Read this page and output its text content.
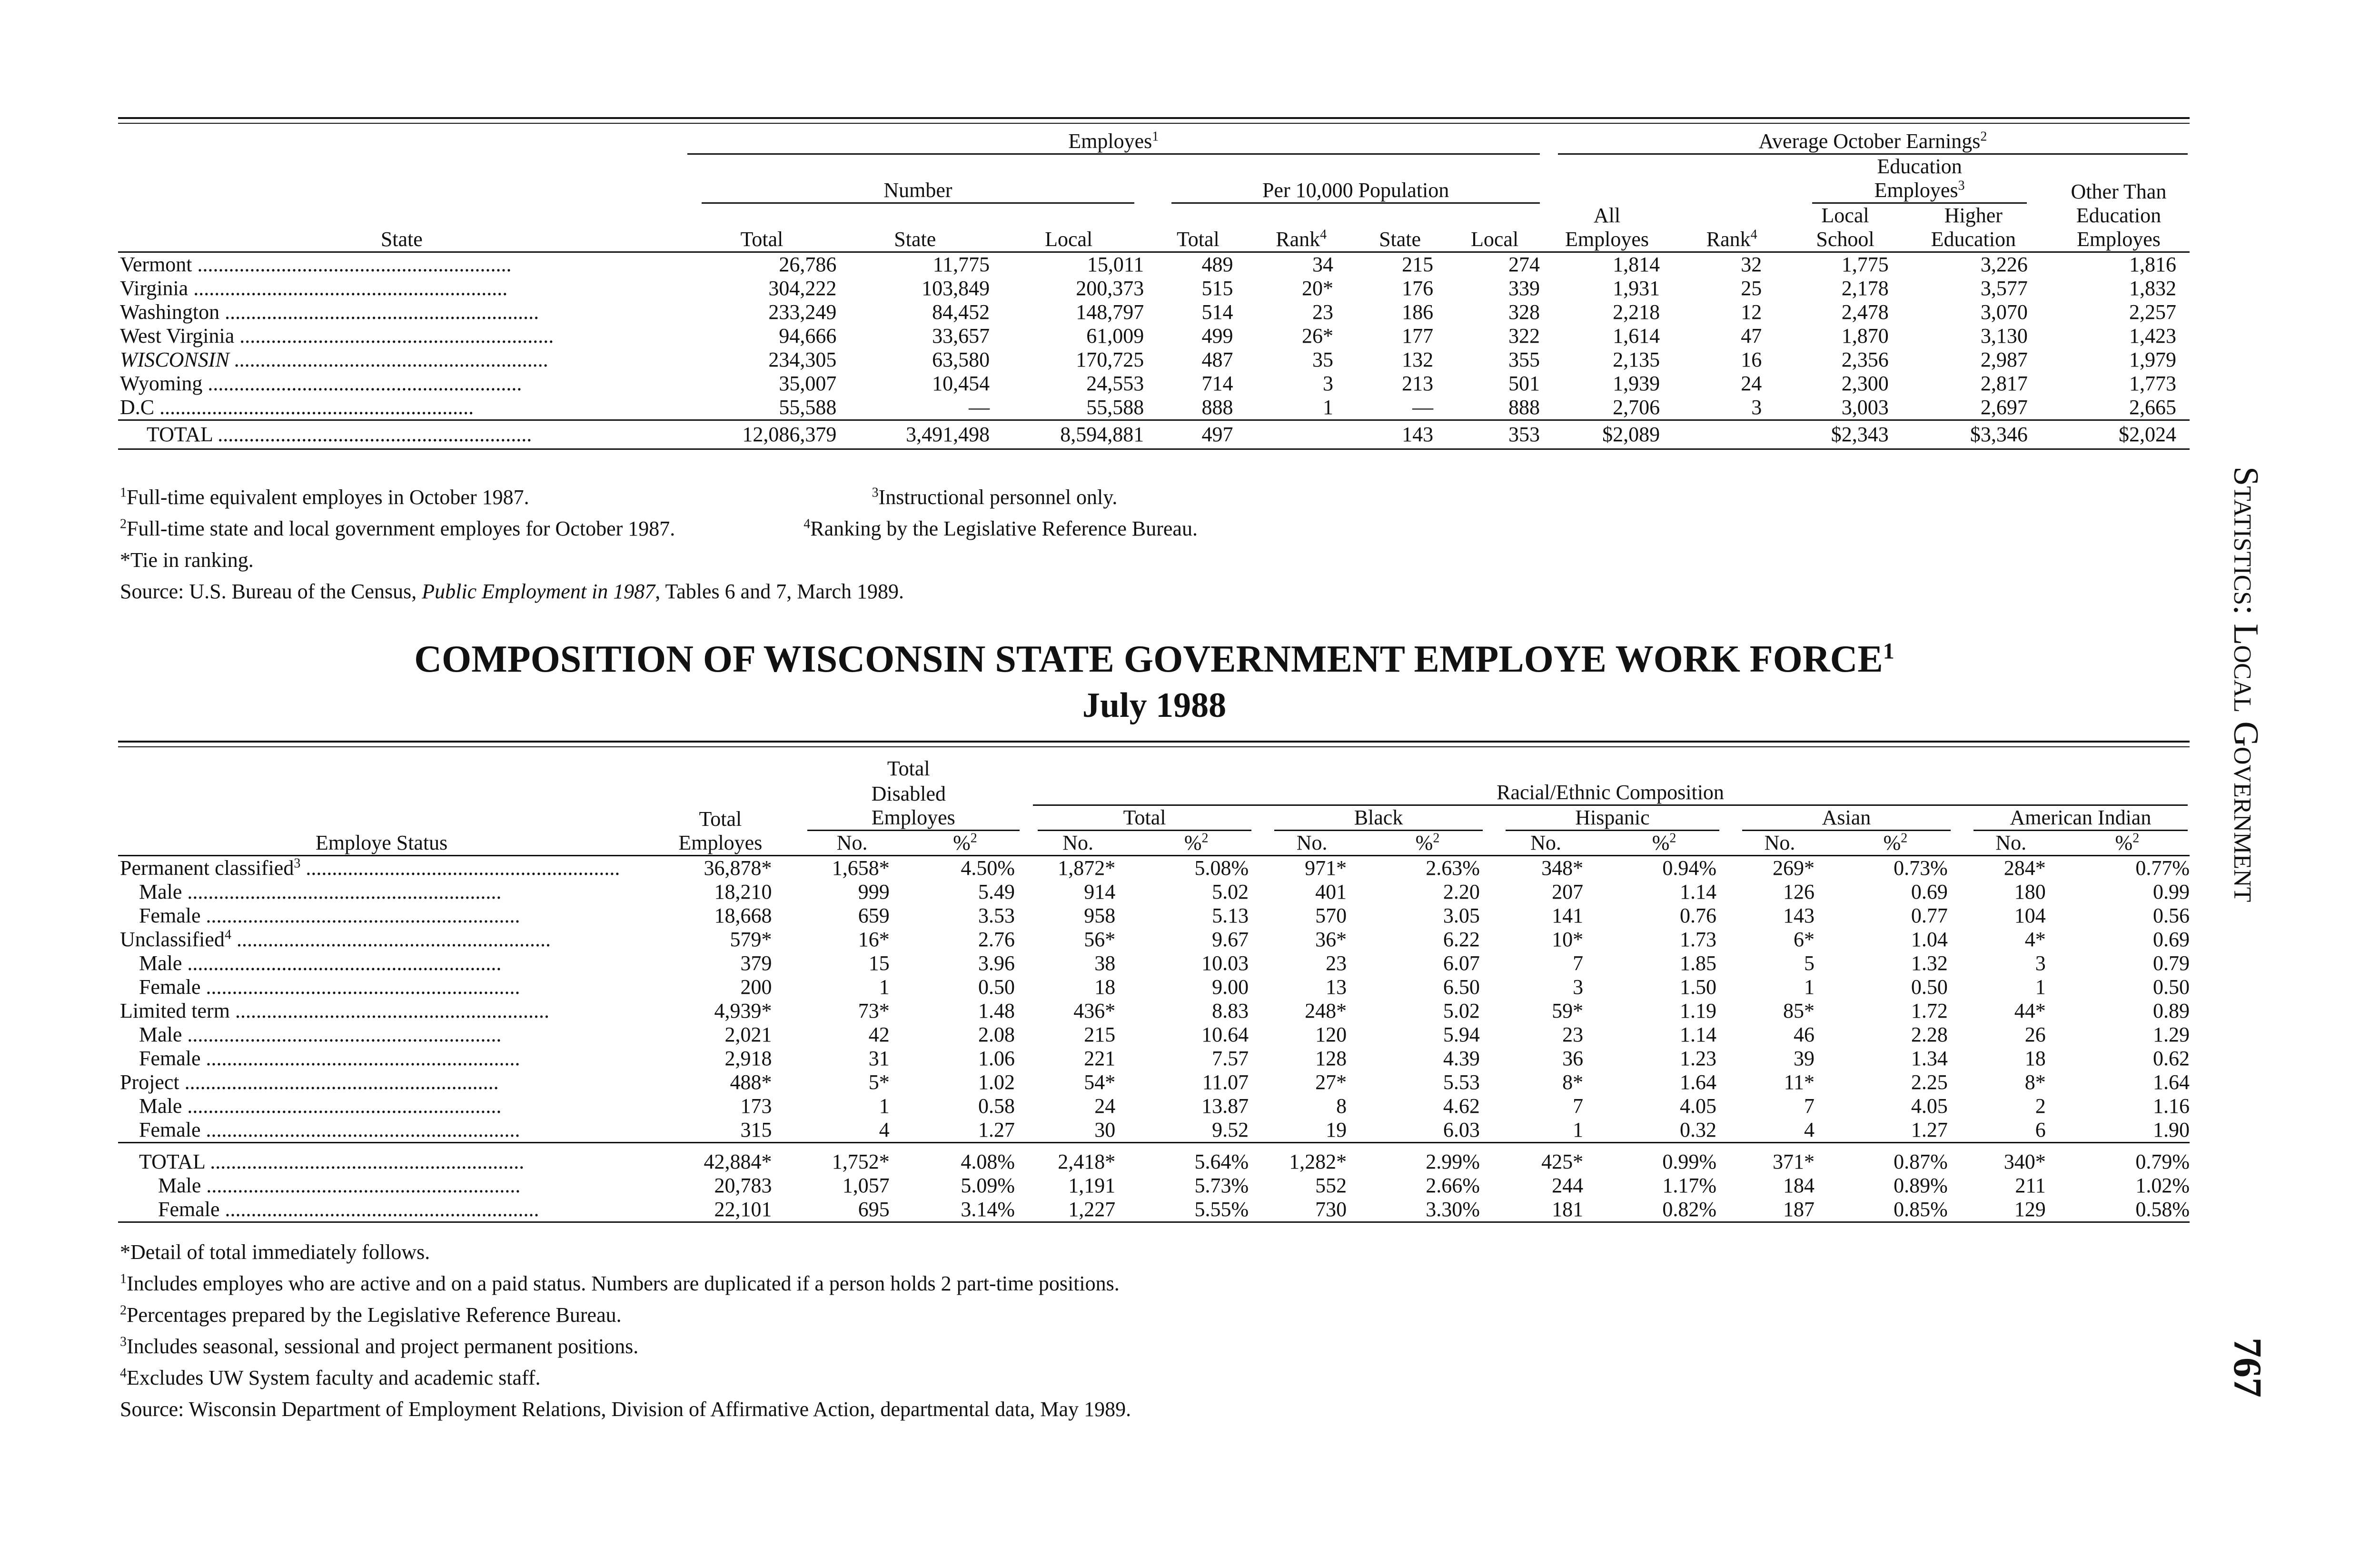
	Employes$^1$							Average October Earnings$^2$

										Education		

	Number			Per 10,000 Population						Employes$^3$		Other Than
								All		Local	Higher	Education
State	Total	State	Local	Total	Rank$^4$	State	Local	Employes	Rank$^4$	School	Education	Employes
Vermont ............................................................	26,786	11,775	15,011	489	34	215	274	1,814	32	1,775	3,226	1,816
Virginia ............................................................	304,222	103,849	200,373	515	20*	176	339	1,931	25	2,178	3,577	1,832
Washington ............................................................	233,249	84,452	148,797	514	23	186	328	2,218	12	2,478	3,070	2,257
West Virginia ............................................................	94,666	33,657	61,009	499	26*	177	322	1,614	47	1,870	3,130	1,423
WISCONSIN ............................................................	234,305	63,580	170,725	487	35	132	355	2,135	16	2,356	2,987	1,979
Wyoming ............................................................	35,007	10,454	24,553	714	3	213	501	1,939	24	2,300	2,817	1,773
D.C ............................................................	55,588	—	55,588	888	1	—	888	2,706	3	3,003	2,697	2,665
TOTAL ............................................................	12,086,379	3,491,498	8,594,881	497		143	353	$2,089		$2,343	$3,346	$2,024
$^1$Full-time equivalent employes in October 1987.	$^3$Instructional personnel only.
$^2$Full-time state and local government employes for October 1987.	$^4$Ranking by the Legislative Reference Bureau.
*Tie in ranking.
Source: U.S. Bureau of the Census, Public Employment in 1987, Tables 6 and 7, March 1989.
COMPOSITION OF WISCONSIN STATE GOVERNMENT EMPLOYE WORK FORCE$^1$
July 1988
		Total											
		Disabled		Racial/Ethnic Composition									

	Total	Employes		Total		Black		Hispanic		Asian		American Indian	

Employe Status	Employes	No.	%$^2$	No.	%$^2$	No.	%$^2$	No.	%$^2$	No.	%$^2$	No.	%$^2$
Permanent classified$^3$ ............................................................	36,878*	1,658*	4.50%	1,872*	5.08%	971*	2.63%	348*	0.94%	269*	0.73%	284*	0.77%
Male ............................................................	18,210	999	5.49	914	5.02	401	2.20	207	1.14	126	0.69	180	0.99
Female ............................................................	18,668	659	3.53	958	5.13	570	3.05	141	0.76	143	0.77	104	0.56
Unclassified$^4$ ............................................................	579*	16*	2.76	56*	9.67	36*	6.22	10*	1.73	6*	1.04	4*	0.69
Male ............................................................	379	15	3.96	38	10.03	23	6.07	7	1.85	5	1.32	3	0.79
Female ............................................................	200	1	0.50	18	9.00	13	6.50	3	1.50	1	0.50	1	0.50
Limited term ............................................................	4,939*	73*	1.48	436*	8.83	248*	5.02	59*	1.19	85*	1.72	44*	0.89
Male ............................................................	2,021	42	2.08	215	10.64	120	5.94	23	1.14	46	2.28	26	1.29
Female ............................................................	2,918	31	1.06	221	7.57	128	4.39	36	1.23	39	1.34	18	0.62
Project ............................................................	488*	5*	1.02	54*	11.07	27*	5.53	8*	1.64	11*	2.25	8*	1.64
Male ............................................................	173	1	0.58	24	13.87	8	4.62	7	4.05	7	4.05	2	1.16
Female ............................................................	315	4	1.27	30	9.52	19	6.03	1	0.32	4	1.27	6	1.90
TOTAL ............................................................	42,884*	1,752*	4.08%	2,418*	5.64%	1,282*	2.99%	425*	0.99%	371*	0.87%	340*	0.79%
Male ............................................................	20,783	1,057	5.09%	1,191	5.73%	552	2.66%	244	1.17%	184	0.89%	211	1.02%
Female ............................................................	22,101	695	3.14%	1,227	5.55%	730	3.30%	181	0.82%	187	0.85%	129	0.58%
*Detail of total immediately follows.
$^1$Includes employes who are active and on a paid status. Numbers are duplicated if a person holds 2 part-time positions.
$^2$Percentages prepared by the Legislative Reference Bureau.
$^3$Includes seasonal, sessional and project permanent positions.
$^4$Excludes UW System faculty and academic staff.
Source: Wisconsin Department of Employment Relations, Division of Affirmative Action, departmental data, May 1989.
Statistics: Local Government
767
